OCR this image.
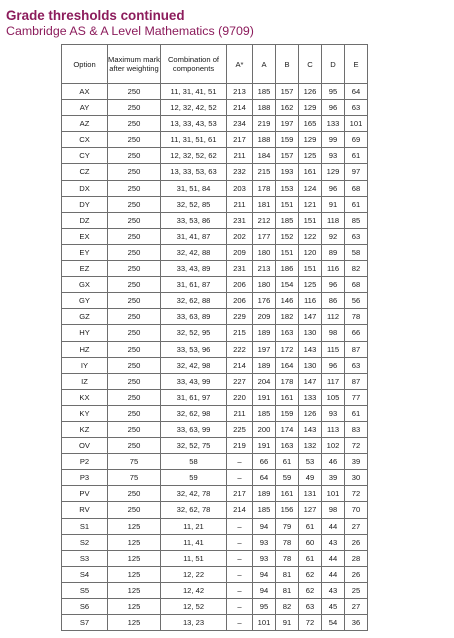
Grade thresholds continued
Cambridge AS & A Level Mathematics (9709)
Option	Maximum mark after weighting	Combination of components	A*	A	B	C	D	E
AX	250	11, 31, 41, 51	213	185	157	126	95	64
AY	250	12, 32, 42, 52	214	188	162	129	96	63
AZ	250	13, 33, 43, 53	234	219	197	165	133	101
CX	250	11, 31, 51, 61	217	188	159	129	99	69
CY	250	12, 32, 52, 62	211	184	157	125	93	61
CZ	250	13, 33, 53, 63	232	215	193	161	129	97
DX	250	31, 51, 84	203	178	153	124	96	68
DY	250	32, 52, 85	211	181	151	121	91	61
DZ	250	33, 53, 86	231	212	185	151	118	85
EX	250	31, 41, 87	202	177	152	122	92	63
EY	250	32, 42, 88	209	180	151	120	89	58
EZ	250	33, 43, 89	231	213	186	151	116	82
GX	250	31, 61, 87	206	180	154	125	96	68
GY	250	32, 62, 88	206	176	146	116	86	56
GZ	250	33, 63, 89	229	209	182	147	112	78
HY	250	32, 52, 95	215	189	163	130	98	66
HZ	250	33, 53, 96	222	197	172	143	115	87
IY	250	32, 42, 98	214	189	164	130	96	63
IZ	250	33, 43, 99	227	204	178	147	117	87
KX	250	31, 61, 97	220	191	161	133	105	77
KY	250	32, 62, 98	211	185	159	126	93	61
KZ	250	33, 63, 99	225	200	174	143	113	83
OV	250	32, 52, 75	219	191	163	132	102	72
P2	75	58	–	66	61	53	46	39
P3	75	59	–	64	59	49	39	30
PV	250	32, 42, 78	217	189	161	131	101	72
RV	250	32, 62, 78	214	185	156	127	98	70
S1	125	11, 21	–	94	79	61	44	27
S2	125	11, 41	–	93	78	60	43	26
S3	125	11, 51	–	93	78	61	44	28
S4	125	12, 22	–	94	81	62	44	26
S5	125	12, 42	–	94	81	62	43	25
S6	125	12, 52	–	95	82	63	45	27
S7	125	13, 23	–	101	91	72	54	36
